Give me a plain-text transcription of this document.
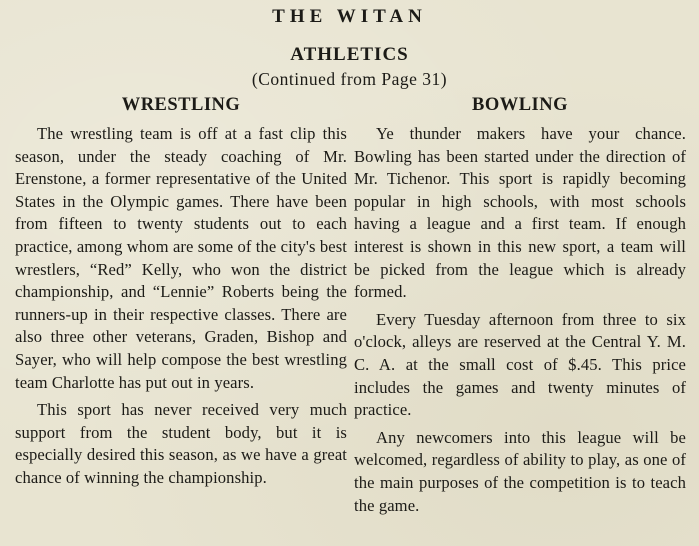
THE WITAN
ATHLETICS
(Continued from Page 31)
WRESTLING

The wrestling team is off at a fast clip this season, under the steady coaching of Mr. Erenstone, a former representative of the United States in the Olympic games. There have been from fifteen to twenty students out to each practice, among whom are some of the city's best wrestlers, “Red” Kelly, who won the district championship, and “Lennie” Roberts being the runners-up in their respective classes. There are also three other veterans, Graden, Bishop and Sayer, who will help compose the best wrestling team Charlotte has put out in years.

This sport has never received very much support from the student body, but it is especially desired this season, as we have a great chance of winning the championship.

BOWLING

Ye thunder makers have your chance. Bowling has been started under the direction of Mr. Tichenor. This sport is rapidly becoming popular in high schools, with most schools having a league and a first team. If enough interest is shown in this new sport, a team will be picked from the league which is already formed.

Every Tuesday afternoon from three to six o'clock, alleys are reserved at the Central Y. M. C. A. at the small cost of $.45. This price includes the games and twenty minutes of practice.

Any newcomers into this league will be welcomed, regardless of ability to play, as one of the main purposes of the competition is to teach the game.
